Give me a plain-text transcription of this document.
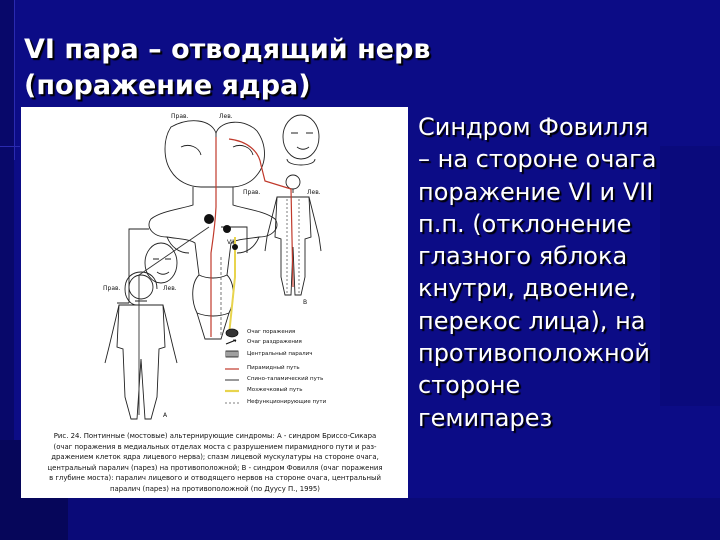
VI пара – отводящий нерв
(поражение ядра)
Прав.	Лев.
Прав.	Лев.
Прав.	Лев.
VII
А
В
Очаг поражения
Очаг раздражения
Центральный паралич
Пирамидный путь
Спино-таламический путь
Мозжечковый путь
Нефункционирующие пути
Рис. 24. Понтинные (мостовые) альтернирующие синдромы: А - синдром Бриссо-Сикара
(очаг поражения в медиальных отделах моста с разрушением пирамидного пути и раз-
дражением клеток ядра лицевого нерва); спазм лицевой мускулатуры на стороне очага,
центральный паралич (парез) на противоположной; В - синдром Фовилля (очаг поражения
в глубине моста): паралич лицевого и отводящего нервов на стороне очага, центральный
паралич (парез) на противоположной (по Дуусу П., 1995)
Синдром Фовилля
– на стороне очага
поражение VI и VII
п.п. (отклонение
глазного яблока
кнутри, двоение,
перекос лица), на
противоположной
стороне
гемипарез
